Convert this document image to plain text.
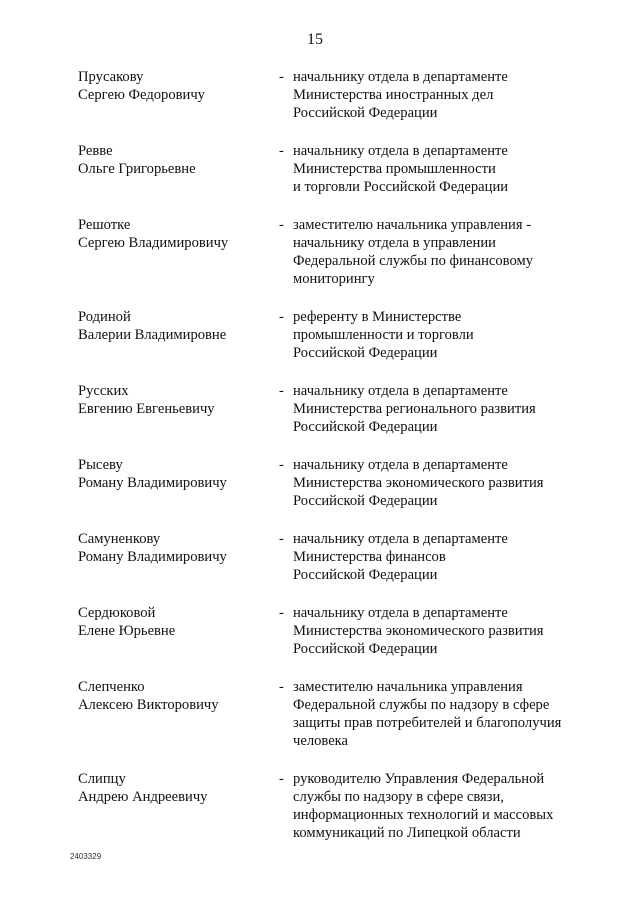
15
Прусакову
Сергею Федоровичу
- начальнику отдела в департаменте
Министерства иностранных дел
Российской Федерации
Ревве
Ольге Григорьевне
- начальнику отдела в департаменте
Министерства промышленности
и торговли Российской Федерации
Решотке
Сергею Владимировичу
- заместителю начальника управления -
начальнику отдела в управлении
Федеральной службы по финансовому
мониторингу
Родиной
Валерии Владимировне
- референту в Министерстве
промышленности и торговли
Российской Федерации
Русских
Евгению Евгеньевичу
- начальнику отдела в департаменте
Министерства регионального развития
Российской Федерации
Рысеву
Роману Владимировичу
- начальнику отдела в департаменте
Министерства экономического развития
Российской Федерации
Самуненкову
Роману Владимировичу
- начальнику отдела в департаменте
Министерства финансов
Российской Федерации
Сердюковой
Елене Юрьевне
- начальнику отдела в департаменте
Министерства экономического развития
Российской Федерации
Слепченко
Алексею Викторовичу
- заместителю начальника управления
Федеральной службы по надзору в сфере
защиты прав потребителей и благополучия
человека
Слипцу
Андрею Андреевичу
- руководителю Управления Федеральной
службы по надзору в сфере связи,
информационных технологий и массовых
коммуникаций по Липецкой области
2403329
